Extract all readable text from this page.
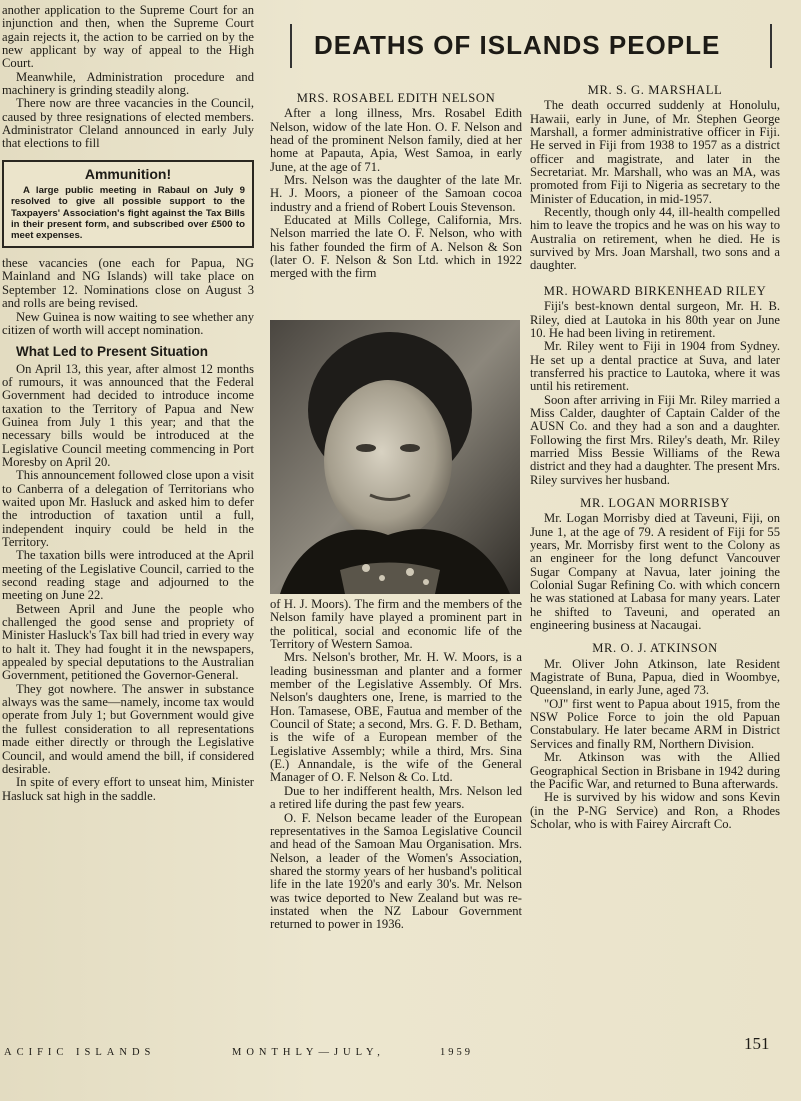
another application to the Supreme Court for an injunction and then, when the Supreme Court again rejects it, the action to be carried on by the new applicant by way of appeal to the High Court.

Meanwhile, Administration procedure and machinery is grinding steadily along.

There now are three vacancies in the Council, caused by three resignations of elected members. Administrator Cleland announced in early July that elections to fill

Ammunition!
A large public meeting in Rabaul on July 9 resolved to give all possible support to the Taxpayers' Association's fight against the Tax Bills in their present form, and subscribed over £500 to meet expenses.

these vacancies (one each for Papua, NG Mainland and NG Islands) will take place on September 12. Nominations close on August 3 and rolls are being revised.

New Guinea is now waiting to see whether any citizen of worth will accept nomination.

What Led to Present Situation

On April 13, this year, after almost 12 months of rumours, it was announced that the Federal Government had decided to introduce income taxation to the Territory of Papua and New Guinea from July 1 this year; and that the necessary bills would be introduced at the Legislative Council meeting commencing in Port Moresby on April 20.

This announcement followed close upon a visit to Canberra of a delegation of Territorians who waited upon Mr. Hasluck and asked him to defer the introduction of taxation until a full, independent inquiry could be held in the Territory.

The taxation bills were introduced at the April meeting of the Legislative Council, carried to the second reading stage and adjourned to the meeting on June 22.

Between April and June the people who challenged the good sense and propriety of Minister Hasluck's Tax bill had tried in every way to halt it. They had fought it in the newspapers, appealed by special deputations to the Australian Government, petitioned the Governor-General.

They got nowhere. The answer in substance always was the same—namely, income tax would operate from July 1; but Government would give the fullest consideration to all representations made either directly or through the Legislative Council, and would amend the bill, if considered desirable.

In spite of every effort to unseat him, Minister Hasluck sat high in the saddle.

DEATHS OF ISLANDS PEOPLE
MRS. ROSABEL EDITH NELSON

After a long illness, Mrs. Rosabel Edith Nelson, widow of the late Hon. O. F. Nelson and head of the prominent Nelson family, died at her home at Papauta, Apia, West Samoa, in early June, at the age of 71.

Mrs. Nelson was the daughter of the late Mr. H. J. Moors, a pioneer of the Samoan cocoa industry and a friend of Robert Louis Stevenson.

Educated at Mills College, California, Mrs. Nelson married the late O. F. Nelson, who with his father founded the firm of A. Nelson & Son (later O. F. Nelson & Son Ltd. which in 1922 merged with the firm

of H. J. Moors). The firm and the members of the Nelson family have played a prominent part in the political, social and economic life of the Territory of Western Samoa.

Mrs. Nelson's brother, Mr. H. W. Moors, is a leading businessman and planter and a former member of the Legislative Assembly. Of Mrs. Nelson's daughters one, Irene, is married to the Hon. Tamasese, OBE, Fautua and member of the Council of State; a second, Mrs. G. F. D. Betham, is the wife of a European member of the Legislative Assembly; while a third, Mrs. Sina (E.) Annandale, is the wife of the General Manager of O. F. Nelson & Co. Ltd.

Due to her indifferent health, Mrs. Nelson led a retired life during the past few years.

O. F. Nelson became leader of the European representatives in the Samoa Legislative Council and head of the Samoan Mau Organisation. Mrs. Nelson, a leader of the Women's Association, shared the stormy years of her husband's political life in the late 1920's and early 30's. Mr. Nelson was twice deported to New Zealand but was re-instated when the NZ Labour Government returned to power in 1936.

MR. S. G. MARSHALL

The death occurred suddenly at Honolulu, Hawaii, early in June, of Mr. Stephen George Marshall, a former administrative officer in Fiji. He served in Fiji from 1938 to 1957 as a district officer and magistrate, and later in the Secretariat. Mr. Marshall, who was an MA, was promoted from Fiji to Nigeria as secretary to the Minister of Education, in mid-1957.

Recently, though only 44, ill-health compelled him to leave the tropics and he was on his way to Australia on retirement, when he died. He is survived by Mrs. Joan Marshall, two sons and a daughter.

MR. HOWARD BIRKENHEAD RILEY

Fiji's best-known dental surgeon, Mr. H. B. Riley, died at Lautoka in his 80th year on June 10. He had been living in retirement.

Mr. Riley went to Fiji in 1904 from Sydney. He set up a dental practice at Suva, and later transferred his practice to Lautoka, where it was until his retirement.

Soon after arriving in Fiji Mr. Riley married a Miss Calder, daughter of Captain Calder of the AUSN Co. and they had a son and a daughter. Following the first Mrs. Riley's death, Mr. Riley married Miss Bessie Williams of the Rewa district and they had a daughter. The present Mrs. Riley survives her husband.

MR. LOGAN MORRISBY

Mr. Logan Morrisby died at Taveuni, Fiji, on June 1, at the age of 79. A resident of Fiji for 55 years, Mr. Morrisby first went to the Colony as an engineer for the long defunct Vancouver Sugar Company at Navua, later joining the Colonial Sugar Refining Co. with which concern he was stationed at Labasa for many years. Later he shifted to Taveuni, and operated an engineering business at Nacaugai.

MR. O. J. ATKINSON

Mr. Oliver John Atkinson, late Resident Magistrate of Buna, Papua, died in Woombye, Queensland, in early June, aged 73.

"OJ" first went to Papua about 1915, from the NSW Police Force to join the old Papuan Constabulary. He later became ARM in District Services and finally RM, Northern Division.

Mr. Atkinson was with the Allied Geographical Section in Brisbane in 1942 during the Pacific War, and returned to Buna afterwards.

He is survived by his widow and sons Kevin (in the P-NG Service) and Ron, a Rhodes Scholar, who is with Fairey Aircraft Co.

ACIFIC ISLANDS	MONTHLY—JULY,	1959	151
